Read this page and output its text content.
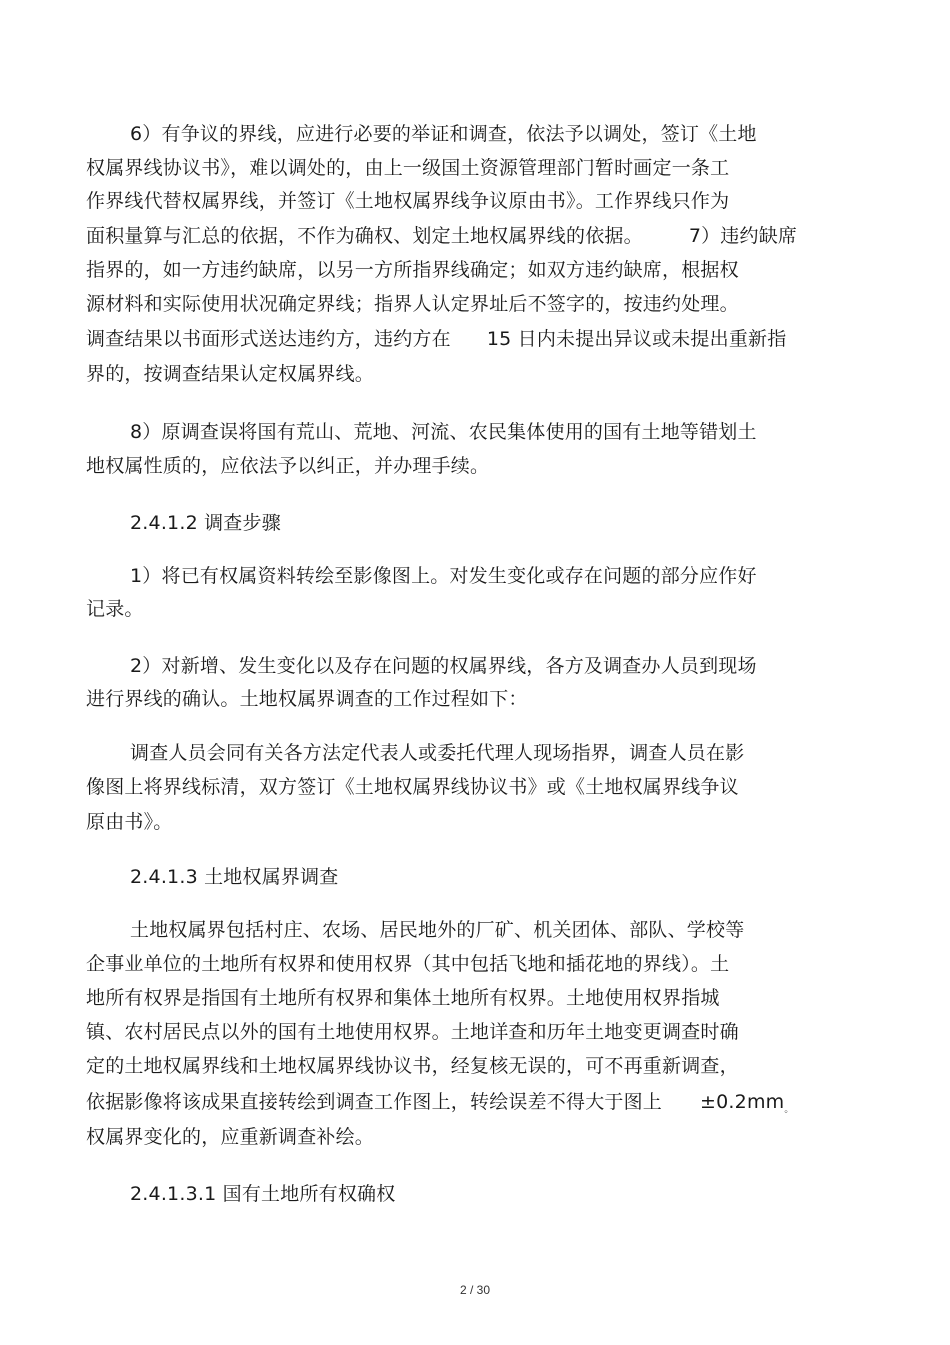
6）有争议的界线，应进行必要的举证和调查，依法予以调处，签订《土地
权属界线协议书》，难以调处的，由上一级国土资源管理部门暂时画定一条工
作界线代替权属界线，并签订《土地权属界线争议原由书》。工作界线只作为
面积量算与汇总的依据，不作为确权、划定土地权属界线的依据。 7）违约缺席
指界的，如一方违约缺席，以另一方所指界线确定；如双方违约缺席，根据权
源材料和实际使用状况确定界线；指界人认定界址后不签字的，按违约处理。
调查结果以书面形式送达违约方，违约方在 15 日内未提出异议或未提出重新指
界的，按调查结果认定权属界线。
8）原调查误将国有荒山、荒地、河流、农民集体使用的国有土地等错划土
地权属性质的，应依法予以纠正，并办理手续。
2.4.1.2 调查步骤
1）将已有权属资料转绘至影像图上。对发生变化或存在问题的部分应作好
记录。
2）对新增、发生变化以及存在问题的权属界线，各方及调查办人员到现场
进行界线的确认。土地权属界调查的工作过程如下：
调查人员会同有关各方法定代表人或委托代理人现场指界，调查人员在影
像图上将界线标清，双方签订《土地权属界线协议书》或《土地权属界线争议
原由书》。
2.4.1.3 土地权属界调查
土地权属界包括村庄、农场、居民地外的厂矿、机关团体、部队、学校等
企事业单位的土地所有权界和使用权界（其中包括飞地和插花地的界线）。土
地所有权界是指国有土地所有权界和集体土地所有权界。土地使用权界指城
镇、农村居民点以外的国有土地使用权界。土地详查和历年土地变更调查时确
定的土地权属界线和土地权属界线协议书，经复核无误的，可不再重新调查，
依据影像将该成果直接转绘到调查工作图上，转绘误差不得大于图上 $\pm 0.2mm_。$
权属界变化的，应重新调查补绘。
2.4.1.3.1 国有土地所有权确权
2 / 30
